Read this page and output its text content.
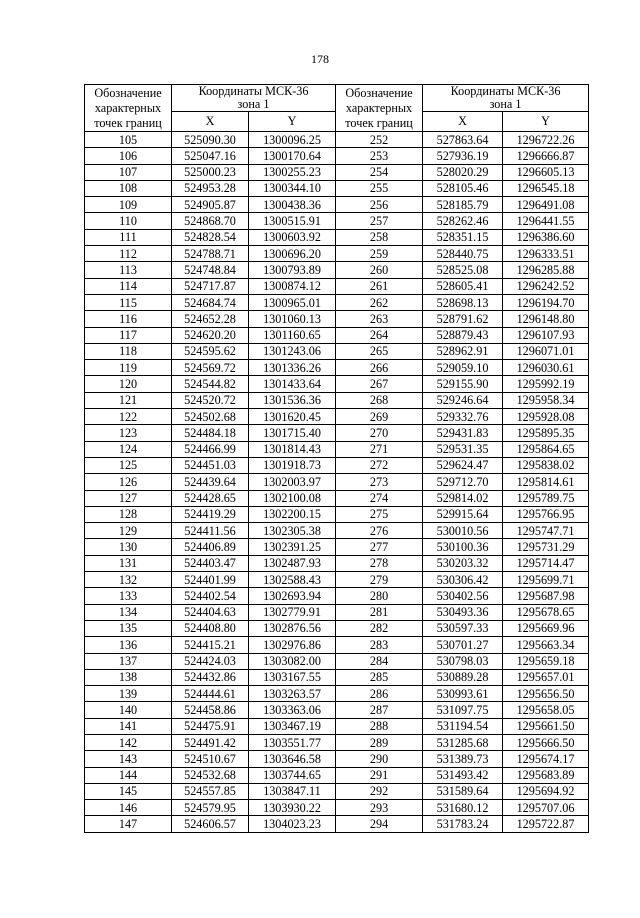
178
Обозначение
характерных
точек границ	Координаты МСК-36
зона 1		Обозначение
характерных
точек границ	Координаты МСК-36
зона 1	

	X	Y		X	Y
105	525090.30	1300096.25	252	527863.64	1296722.26
106	525047.16	1300170.64	253	527936.19	1296666.87
107	525000.23	1300255.23	254	528020.29	1296605.13
108	524953.28	1300344.10	255	528105.46	1296545.18
109	524905.87	1300438.36	256	528185.79	1296491.08
110	524868.70	1300515.91	257	528262.46	1296441.55
111	524828.54	1300603.92	258	528351.15	1296386.60
112	524788.71	1300696.20	259	528440.75	1296333.51
113	524748.84	1300793.89	260	528525.08	1296285.88
114	524717.87	1300874.12	261	528605.41	1296242.52
115	524684.74	1300965.01	262	528698.13	1296194.70
116	524652.28	1301060.13	263	528791.62	1296148.80
117	524620.20	1301160.65	264	528879.43	1296107.93
118	524595.62	1301243.06	265	528962.91	1296071.01
119	524569.72	1301336.26	266	529059.10	1296030.61
120	524544.82	1301433.64	267	529155.90	1295992.19
121	524520.72	1301536.36	268	529246.64	1295958.34
122	524502.68	1301620.45	269	529332.76	1295928.08
123	524484.18	1301715.40	270	529431.83	1295895.35
124	524466.99	1301814.43	271	529531.35	1295864.65
125	524451.03	1301918.73	272	529624.47	1295838.02
126	524439.64	1302003.97	273	529712.70	1295814.61
127	524428.65	1302100.08	274	529814.02	1295789.75
128	524419.29	1302200.15	275	529915.64	1295766.95
129	524411.56	1302305.38	276	530010.56	1295747.71
130	524406.89	1302391.25	277	530100.36	1295731.29
131	524403.47	1302487.93	278	530203.32	1295714.47
132	524401.99	1302588.43	279	530306.42	1295699.71
133	524402.54	1302693.94	280	530402.56	1295687.98
134	524404.63	1302779.91	281	530493.36	1295678.65
135	524408.80	1302876.56	282	530597.33	1295669.96
136	524415.21	1302976.86	283	530701.27	1295663.34
137	524424.03	1303082.00	284	530798.03	1295659.18
138	524432.86	1303167.55	285	530889.28	1295657.01
139	524444.61	1303263.57	286	530993.61	1295656.50
140	524458.86	1303363.06	287	531097.75	1295658.05
141	524475.91	1303467.19	288	531194.54	1295661.50
142	524491.42	1303551.77	289	531285.68	1295666.50
143	524510.67	1303646.58	290	531389.73	1295674.17
144	524532.68	1303744.65	291	531493.42	1295683.89
145	524557.85	1303847.11	292	531589.64	1295694.92
146	524579.95	1303930.22	293	531680.12	1295707.06
147	524606.57	1304023.23	294	531783.24	1295722.87
